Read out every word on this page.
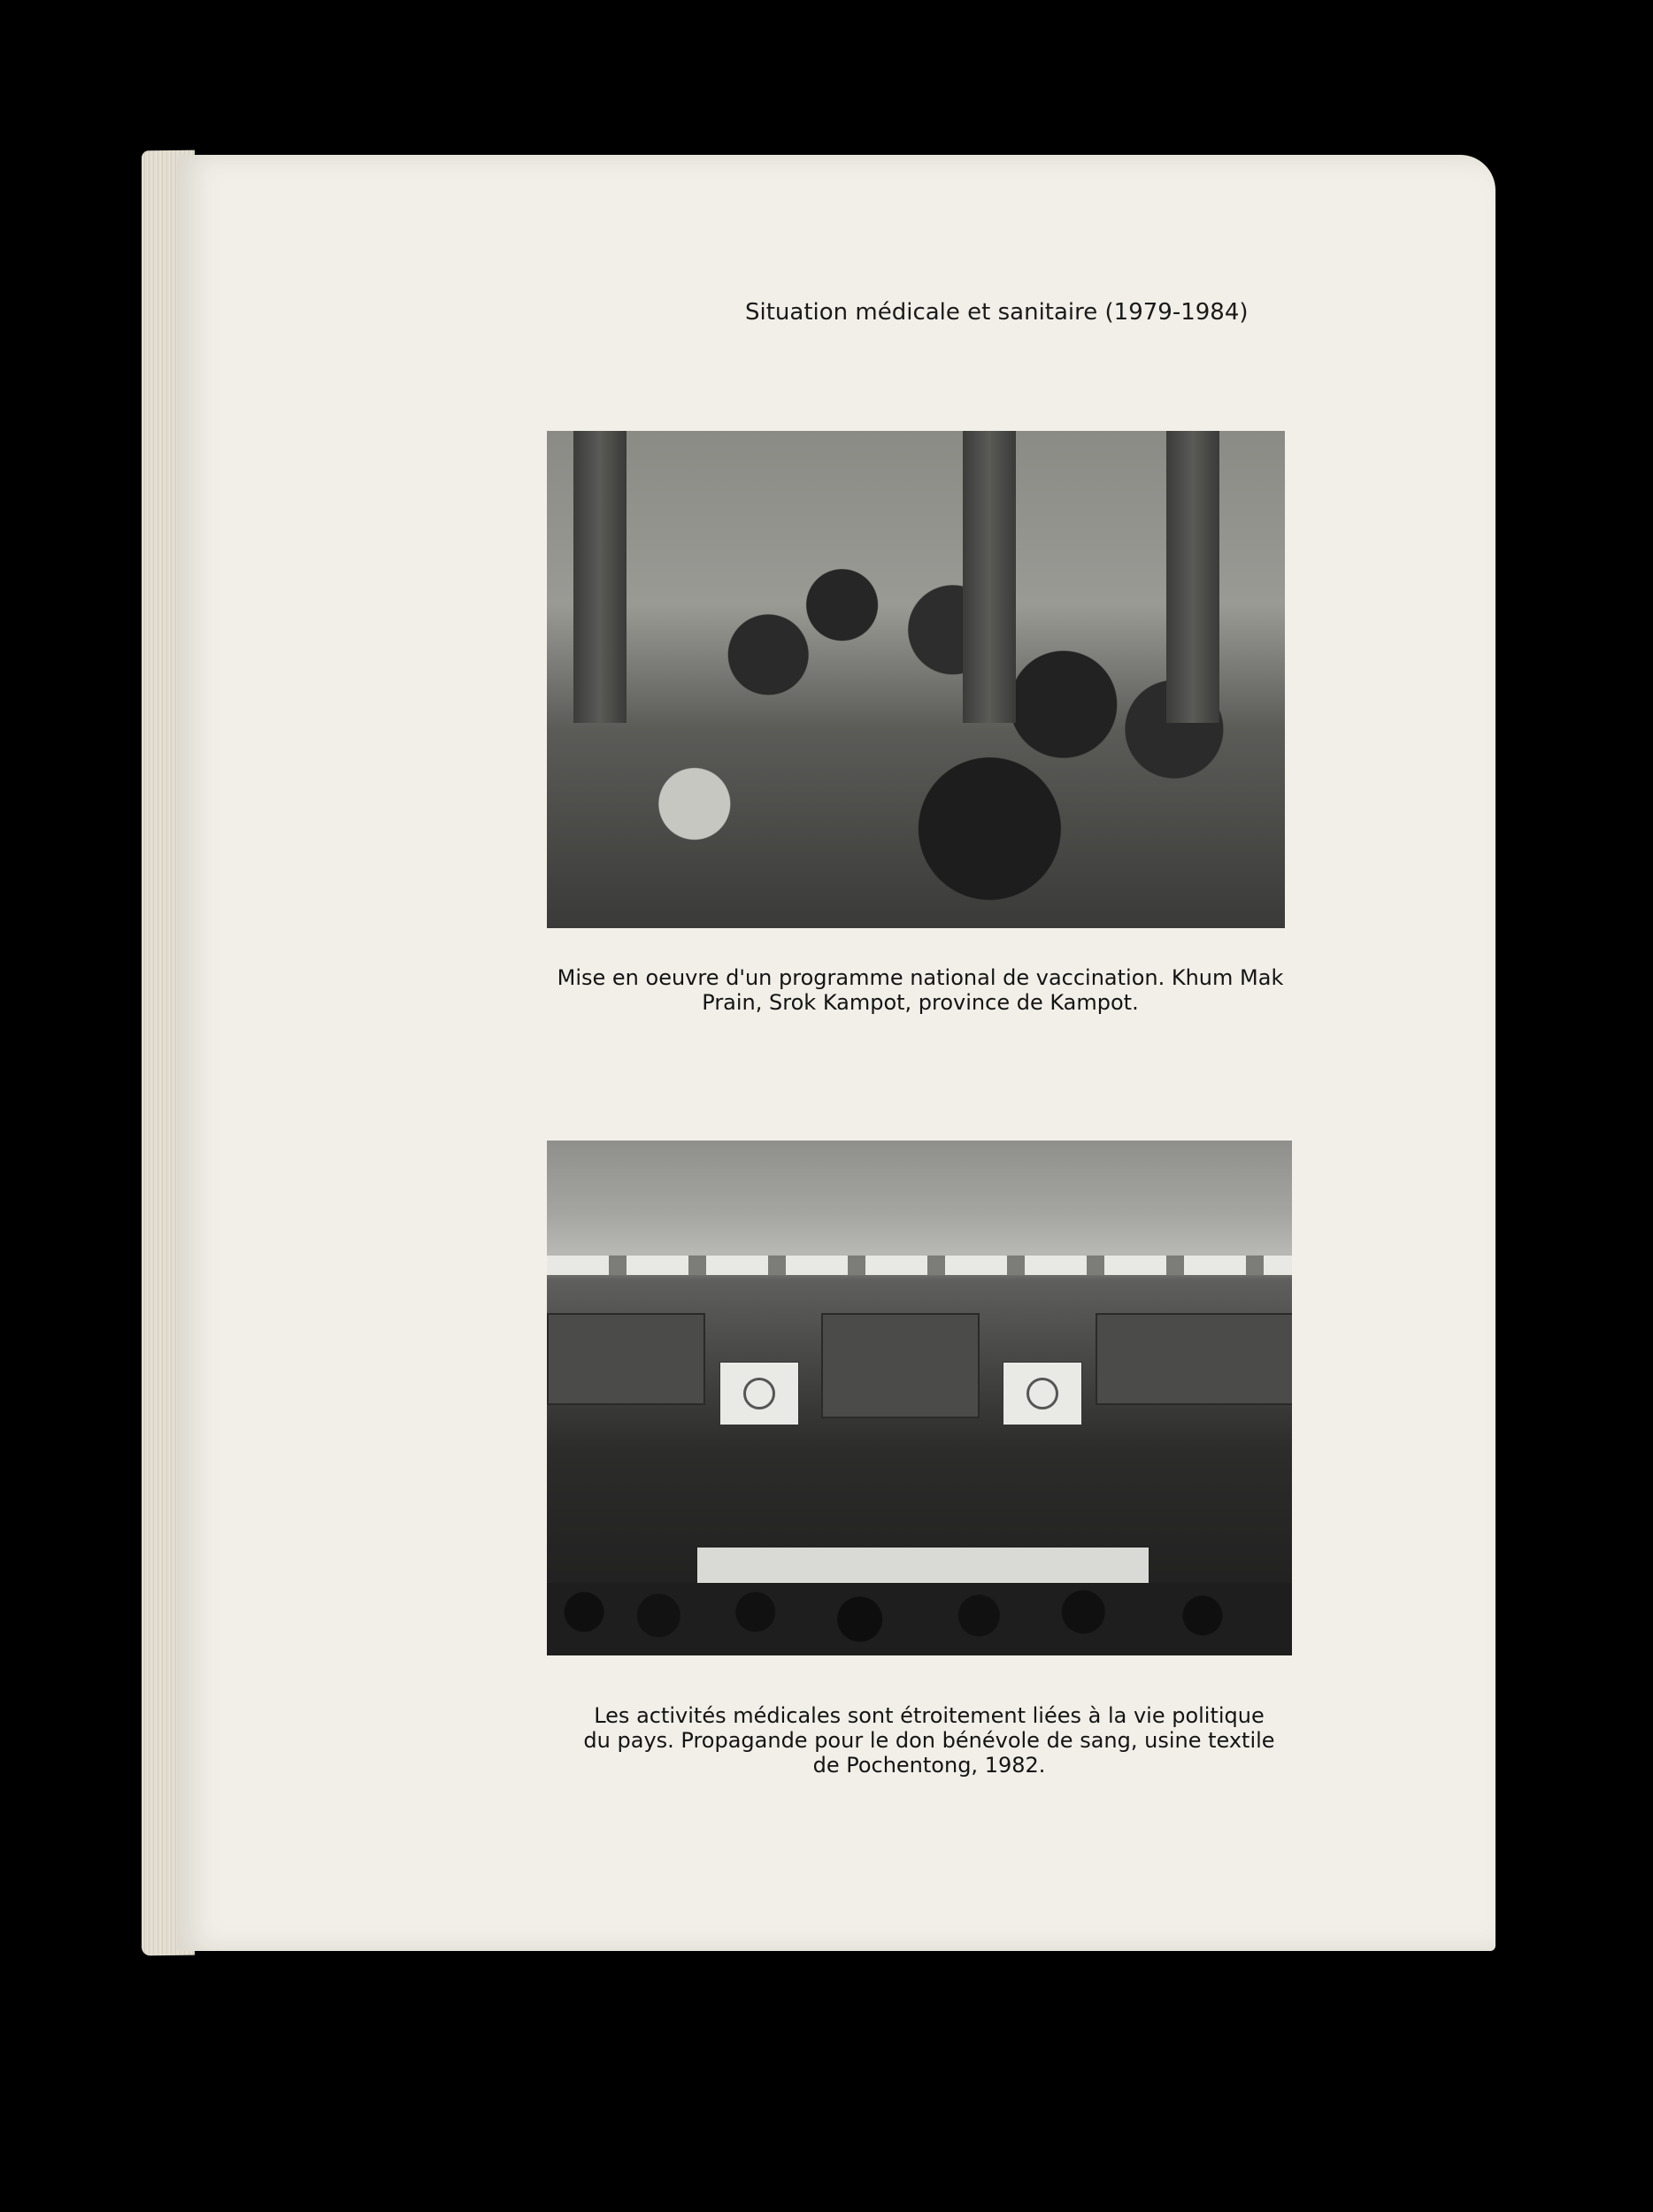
Situation médicale et sanitaire (1979-1984)
Mise en oeuvre d'un programme national de vaccination. Khum Mak
Prain, Srok Kampot, province de Kampot.
Les activités médicales sont étroitement liées à la vie politique
du pays. Propagande pour le don bénévole de sang, usine textile
de Pochentong, 1982.
